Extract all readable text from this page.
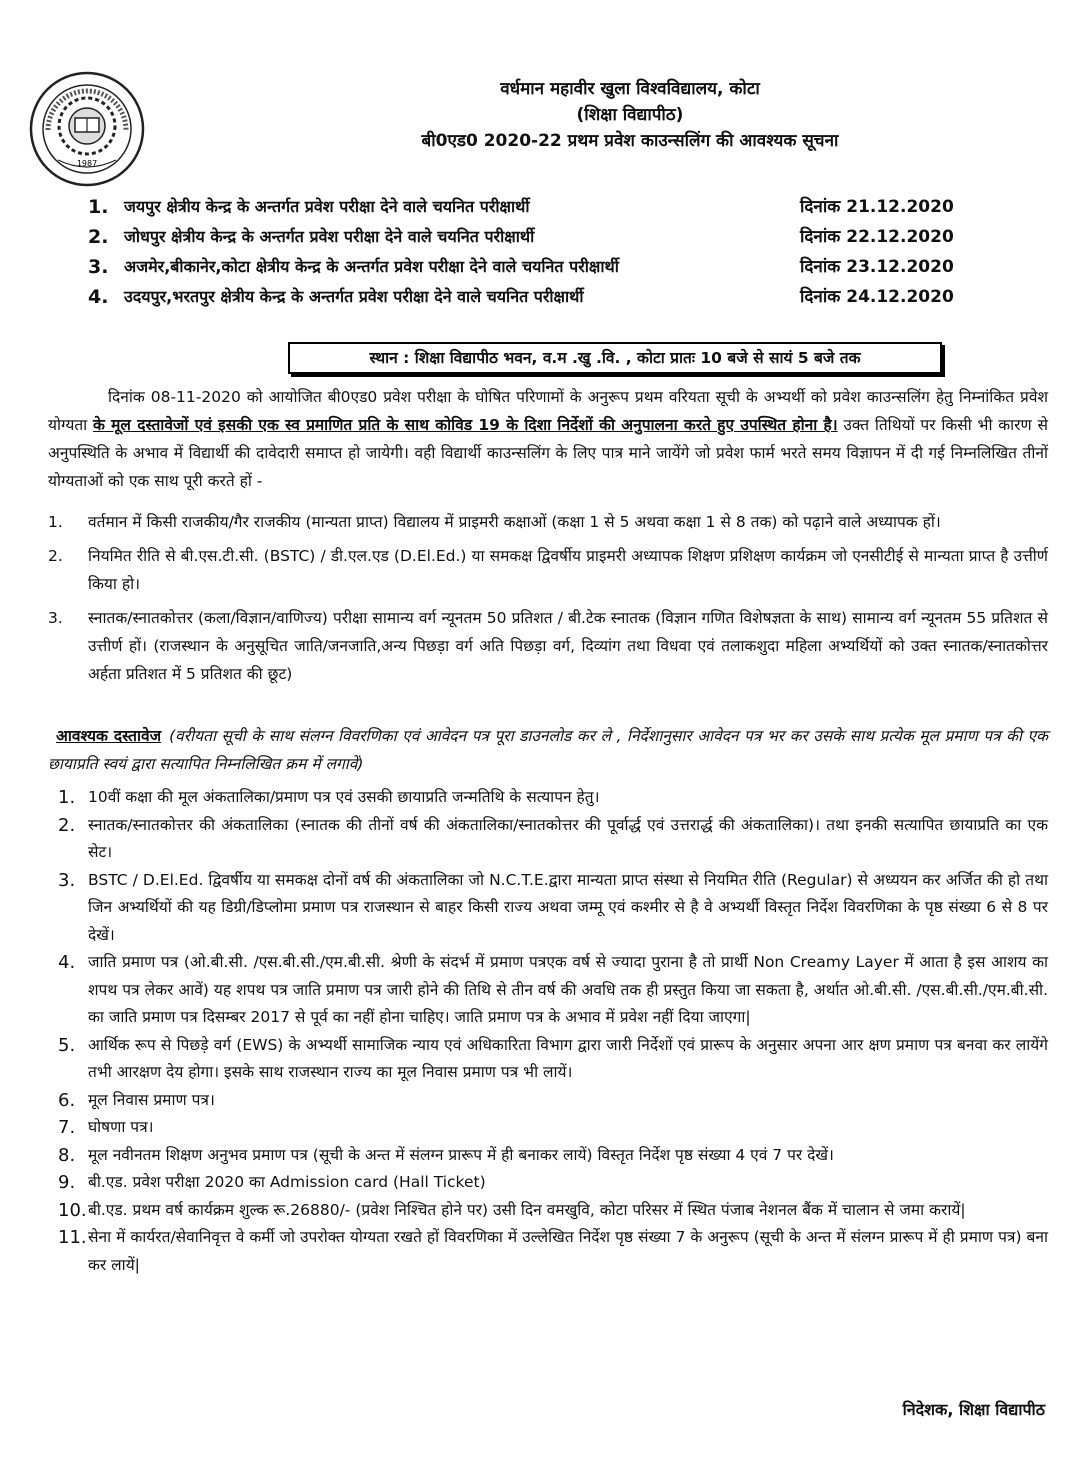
1987
वर्धमान महावीर खुला विश्वविद्यालय, कोटा
(शिक्षा विद्यापीठ)
बी0एड0 2020-22 प्रथम प्रवेश काउन्सलिंग की आवश्यक सूचना
1. जयपुर क्षेत्रीय केन्द्र के अन्तर्गत प्रवेश परीक्षा देने वाले चयनित परीक्षार्थी	दिनांक 21.12.2020
2. जोधपुर क्षेत्रीय केन्द्र के अन्तर्गत प्रवेश परीक्षा देने वाले चयनित परीक्षार्थी	दिनांक 22.12.2020
3. अजमेर,बीकानेर,कोटा क्षेत्रीय केन्द्र के अन्तर्गत प्रवेश परीक्षा देने वाले चयनित परीक्षार्थी	दिनांक 23.12.2020
4. उदयपुर,भरतपुर क्षेत्रीय केन्द्र के अन्तर्गत प्रवेश परीक्षा देने वाले चयनित परीक्षार्थी	दिनांक 24.12.2020
स्थान : शिक्षा विद्यापीठ भवन, व.म .खु .वि. , कोटा प्रातः 10 बजे से सायं 5 बजे तक
दिनांक 08-11-2020 को आयोजित बी0एड0 प्रवेश परीक्षा के घोषित परिणामों के अनुरूप प्रथम वरियता सूची के अभ्यर्थी को प्रवेश काउन्सलिंग हेतु निम्नांकित प्रवेश योग्यता के मूल दस्तावेजों एवं इसकी एक स्व प्रमाणित प्रति के साथ कोविड 19 के दिशा निर्देशों की अनुपालना करते हुए उपस्थित होना है। उक्त तिथियों पर किसी भी कारण से अनुपस्थिति के अभाव में विद्यार्थी की दावेदारी समाप्त हो जायेगी। वही विद्यार्थी काउन्सलिंग के लिए पात्र माने जायेंगे जो प्रवेश फार्म भरते समय विज्ञापन में दी गई निम्नलिखित तीनों योग्यताओं को एक साथ पूरी करते हों -
1.	वर्तमान में किसी राजकीय/गैर राजकीय (मान्यता प्राप्त) विद्यालय में प्राइमरी कक्षाओं (कक्षा 1 से 5 अथवा कक्षा 1 से 8 तक) को पढ़ाने वाले अध्यापक हों।
2.	नियमित रीति से बी.एस.टी.सी. (BSTC) / डी.एल.एड (D.El.Ed.) या समकक्ष द्विवर्षीय प्राइमरी अध्यापक शिक्षण प्रशिक्षण कार्यक्रम जो एनसीटीई से मान्यता प्राप्त है उत्तीर्ण किया हो।
3.	स्नातक/स्नातकोत्तर (कला/विज्ञान/वाणिज्य) परीक्षा सामान्य वर्ग न्यूनतम 50 प्रतिशत / बी.टेक स्नातक (विज्ञान गणित विशेषज्ञता के साथ) सामान्य वर्ग न्यूनतम 55 प्रतिशत से उत्तीर्ण हों। (राजस्थान के अनुसूचित जाति/जनजाति,अन्य पिछड़ा वर्ग अति पिछड़ा वर्ग, दिव्यांग तथा विधवा एवं तलाकशुदा महिला अभ्यर्थियों को उक्त स्नातक/स्नातकोत्तर अर्हता प्रतिशत में 5 प्रतिशत की छूट)
आवश्यक दस्तावेज (वरीयता सूची के साथ संलग्न विवरणिका एवं आवेदन पत्र पूरा डाउनलोड कर ले , निर्देशानुसार आवेदन पत्र भर कर उसके साथ प्रत्येक मूल प्रमाण पत्र की एक छायाप्रति स्वयं द्वारा सत्यापित निम्नलिखित क्रम में लगावें)
1. 10वीं कक्षा की मूल अंकतालिका/प्रमाण पत्र एवं उसकी छायाप्रति जन्मतिथि के सत्यापन हेतु।
2. स्नातक/स्नातकोत्तर की अंकतालिका (स्नातक की तीनों वर्ष की अंकतालिका/स्नातकोत्तर की पूर्वार्द्ध एवं उत्तरार्द्ध की अंकतालिका)। तथा इनकी सत्यापित छायाप्रति का एक सेट।
3. BSTC / D.El.Ed. द्विवर्षीय या समकक्ष दोनों वर्ष की अंकतालिका जो N.C.T.E.द्वारा मान्यता प्राप्त संस्था से नियमित रीति (Regular) से अध्ययन कर अर्जित की हो तथा जिन अभ्यर्थियों की यह डिग्री/डिप्लोमा प्रमाण पत्र राजस्थान से बाहर किसी राज्य अथवा जम्मू एवं कश्मीर से है वे अभ्यर्थी विस्तृत निर्देश विवरणिका के पृष्ठ संख्या 6 से 8 पर देखें।
4. जाति प्रमाण पत्र (ओ.बी.सी. /एस.बी.सी./एम.बी.सी. श्रेणी के संदर्भ में प्रमाण पत्रएक वर्ष से ज्यादा पुराना है तो प्रार्थी Non Creamy Layer में आता है इस आशय का शपथ पत्र लेकर आवें) यह शपथ पत्र जाति प्रमाण पत्र जारी होने की तिथि से तीन वर्ष की अवधि तक ही प्रस्तुत किया जा सकता है, अर्थात ओ.बी.सी. /एस.बी.सी./एम.बी.सी. का जाति प्रमाण पत्र दिसम्बर 2017 से पूर्व का नहीं होना चाहिए। जाति प्रमाण पत्र के अभाव में प्रवेश नहीं दिया जाएगा|
5. आर्थिक रूप से पिछड़े वर्ग (EWS) के अभ्यर्थी सामाजिक न्याय एवं अधिकारिता विभाग द्वारा जारी निर्देशों एवं प्रारूप के अनुसार अपना आर क्षण प्रमाण पत्र बनवा कर लायेंगे तभी आरक्षण देय होगा। इसके साथ राजस्थान राज्य का मूल निवास प्रमाण पत्र भी लायें।
6. मूल निवास प्रमाण पत्र।
7. घोषणा पत्र।
8. मूल नवीनतम शिक्षण अनुभव प्रमाण पत्र (सूची के अन्त में संलग्न प्रारूप में ही बनाकर लायें) विस्तृत निर्देश पृष्ठ संख्या 4 एवं 7 पर देखें।
9. बी.एड. प्रवेश परीक्षा 2020 का Admission card (Hall Ticket)
10. बी.एड. प्रथम वर्ष कार्यक्रम शुल्क रू.26880/- (प्रवेश निश्चित होने पर) उसी दिन वमखुवि, कोटा परिसर में स्थित पंजाब नेशनल बैंक में चालान से जमा करायें|
11. सेना में कार्यरत/सेवानिवृत्त वे कर्मी जो उपरोक्त योग्यता रखते हों विवरणिका में उल्लेखित निर्देश पृष्ठ संख्या 7 के अनुरूप (सूची के अन्त में संलग्न प्रारूप में ही प्रमाण पत्र) बना कर लायें|
निदेशक, शिक्षा विद्यापीठ
